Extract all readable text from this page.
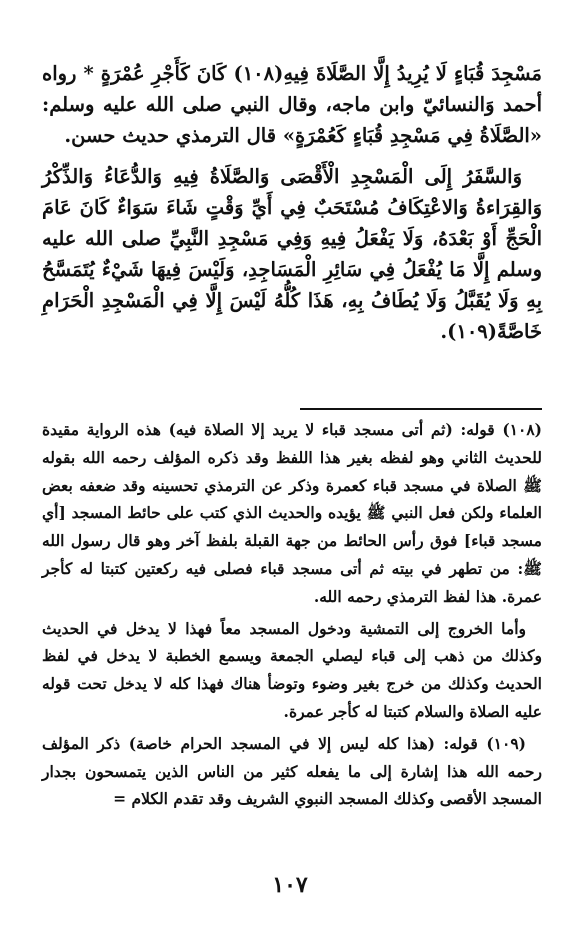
مَسْجِدَ قُبَاءٍ لَا يُرِيدُ إِلَّا الصَّلَاةَ فِيهِ(١٠٨) كَانَ كَأَجْرِ عُمْرَةٍ * رواه أحمد وَالنسائيّ وابن ماجه، وقال النبي صلى الله عليه وسلم: «الصَّلَاةُ فِي مَسْجِدِ قُبَاءٍ كَعُمْرَةٍ» قال الترمذي حديث حسن.

وَالسَّفَرُ إِلَى الْمَسْجِدِ الْأَقْصَى وَالصَّلَاةُ فِيهِ وَالدُّعَاءُ وَالذِّكْرُ وَالقِرَاءةُ وَالاعْتِكَافُ مُسْتَحَبٌ فِي أَيِّ وَقْتٍ شَاءَ سَوَاءٌ كَانَ عَامَ الْحَجِّ أَوْ بَعْدَهُ، وَلَا يَفْعَلُ فِيهِ وَفِي مَسْجِدِ النَّبِيِّ صلى الله عليه وسلم إِلَّا مَا يُفْعَلُ فِي سَائِرِ الْمَسَاجِدِ، وَلَيْسَ فِيهَا شَيْءٌ يُتَمَسَّحُ بِهِ وَلَا يُقَبَّلُ وَلَا يُطَافُ بِهِ، هَذَا كُلُّهُ لَيْسَ إِلَّا فِي الْمَسْجِدِ الْحَرَامِ خَاصَّةً(١٠٩).

(١٠٨) قوله: (ثم أتى مسجد قباء لا يريد إلا الصلاة فيه) هذه الرواية مقيدة للحديث الثاني وهو لفظه بغير هذا اللفظ وقد ذكره المؤلف رحمه الله بقوله ﷺ الصلاة في مسجد قباء كعمرة وذكر عن الترمذي تحسينه وقد ضعفه بعض العلماء ولكن فعل النبي ﷺ يؤيده والحديث الذي كتب على حائط المسجد [أي مسجد قباء] فوق رأس الحائط من جهة القبلة بلفظ آخر وهو قال رسول الله ﷺ: من تطهر في بيته ثم أتى مسجد قباء فصلى فيه ركعتين كتبتا له كأجر عمرة. هذا لفظ الترمذي رحمه الله.

وأما الخروج إلى التمشية ودخول المسجد معاً فهذا لا يدخل في الحديث وكذلك من ذهب إلى قباء ليصلي الجمعة ويسمع الخطبة لا يدخل في لفظ الحديث وكذلك من خرج بغير وضوء وتوضأ هناك فهذا كله لا يدخل تحت قوله عليه الصلاة والسلام كتبتا له كأجر عمرة.

(١٠٩) قوله: (هذا كله ليس إلا في المسجد الحرام خاصة) ذكر المؤلف رحمه الله هذا إشارة إلى ما يفعله كثير من الناس الذين يتمسحون بجدار المسجد الأقصى وكذلك المسجد النبوي الشريف وقد تقدم الكلام =

١٠٧
